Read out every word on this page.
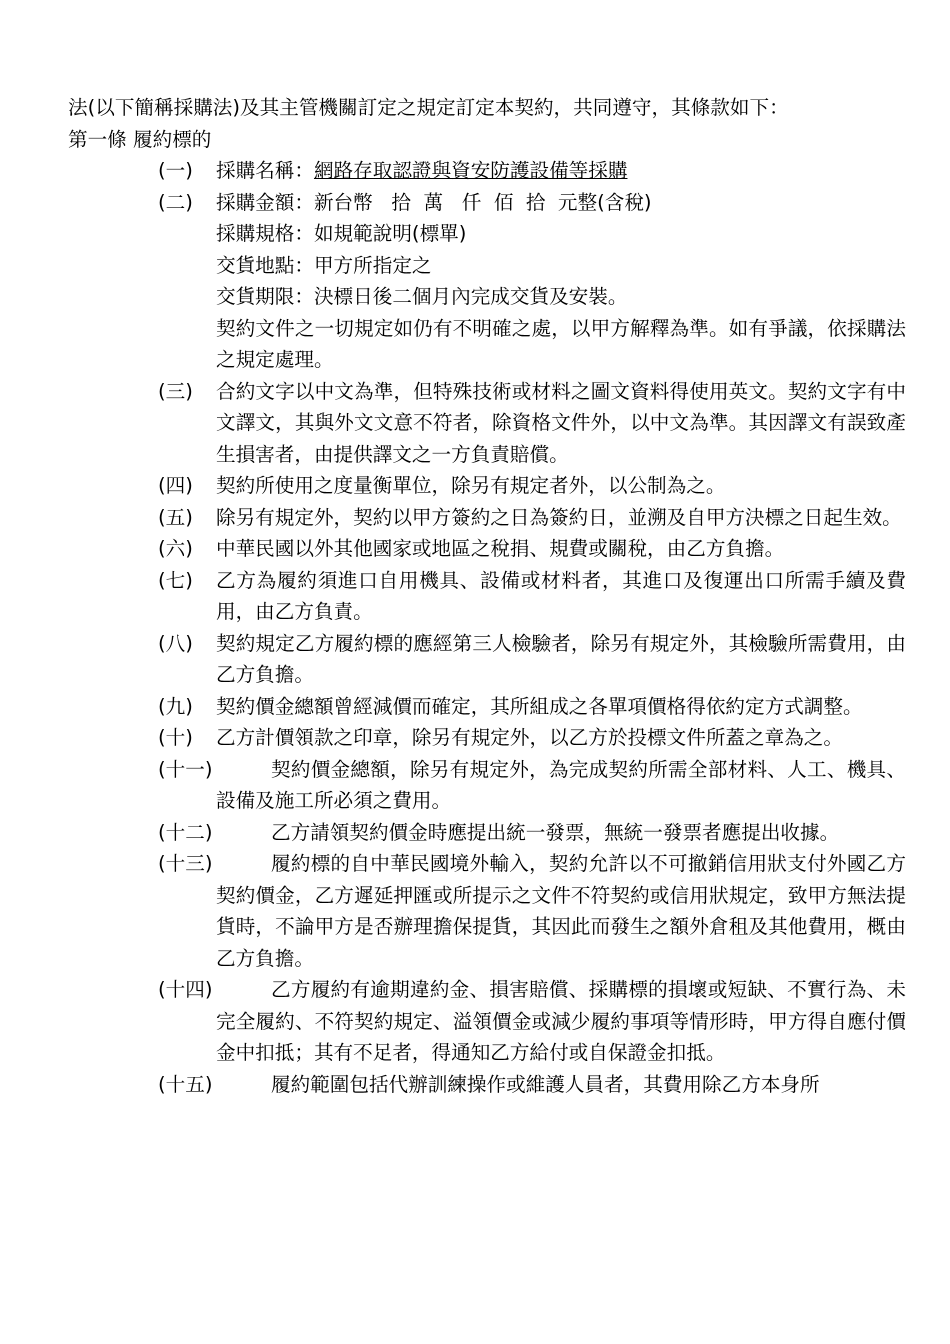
法(以下簡稱採購法)及其主管機關訂定之規定訂定本契約，共同遵守，其條款如下：
第一條 履約標的
(一) 採購名稱：網路存取認證與資安防護設備等採購
(二) 採購金額：新台幣   拾  萬   仟  佰  拾  元整(含稅)
採購規格：如規範說明(標單)
交貨地點：甲方所指定之
交貨期限：決標日後二個月內完成交貨及安裝。
契約文件之一切規定如仍有不明確之處，以甲方解釋為準。如有爭議，依採購法之規定處理。
(三) 合約文字以中文為準，但特殊技術或材料之圖文資料得使用英文。契約文字有中文譯文，其與外文文意不符者，除資格文件外，以中文為準。其因譯文有誤致產生損害者，由提供譯文之一方負責賠償。
(四) 契約所使用之度量衡單位，除另有規定者外，以公制為之。
(五) 除另有規定外，契約以甲方簽約之日為簽約日，並溯及自甲方決標之日起生效。
(六) 中華民國以外其他國家或地區之稅捐、規費或關稅，由乙方負擔。
(七) 乙方為履約須進口自用機具、設備或材料者，其進口及復運出口所需手續及費用，由乙方負責。
(八) 契約規定乙方履約標的應經第三人檢驗者，除另有規定外，其檢驗所需費用，由乙方負擔。
(九) 契約價金總額曾經減價而確定，其所組成之各單項價格得依約定方式調整。
(十) 乙方計價領款之印章，除另有規定外，以乙方於投標文件所蓋之章為之。
(十一)	契約價金總額，除另有規定外，為完成契約所需全部材料、人工、機具、設備及施工所必須之費用。
(十二)	乙方請領契約價金時應提出統一發票，無統一發票者應提出收據。
(十三)	履約標的自中華民國境外輸入，契約允許以不可撤銷信用狀支付外國乙方契約價金，乙方遲延押匯或所提示之文件不符契約或信用狀規定，致甲方無法提貨時，不論甲方是否辦理擔保提貨，其因此而發生之額外倉租及其他費用，概由乙方負擔。
(十四)	乙方履約有逾期違約金、損害賠償、採購標的損壞或短缺、不實行為、未完全履約、不符契約規定、溢領價金或減少履約事項等情形時，甲方得自應付價金中扣抵；其有不足者，得通知乙方給付或自保證金扣抵。
(十五)	履約範圍包括代辦訓練操作或維護人員者，其費用除乙方本身所
